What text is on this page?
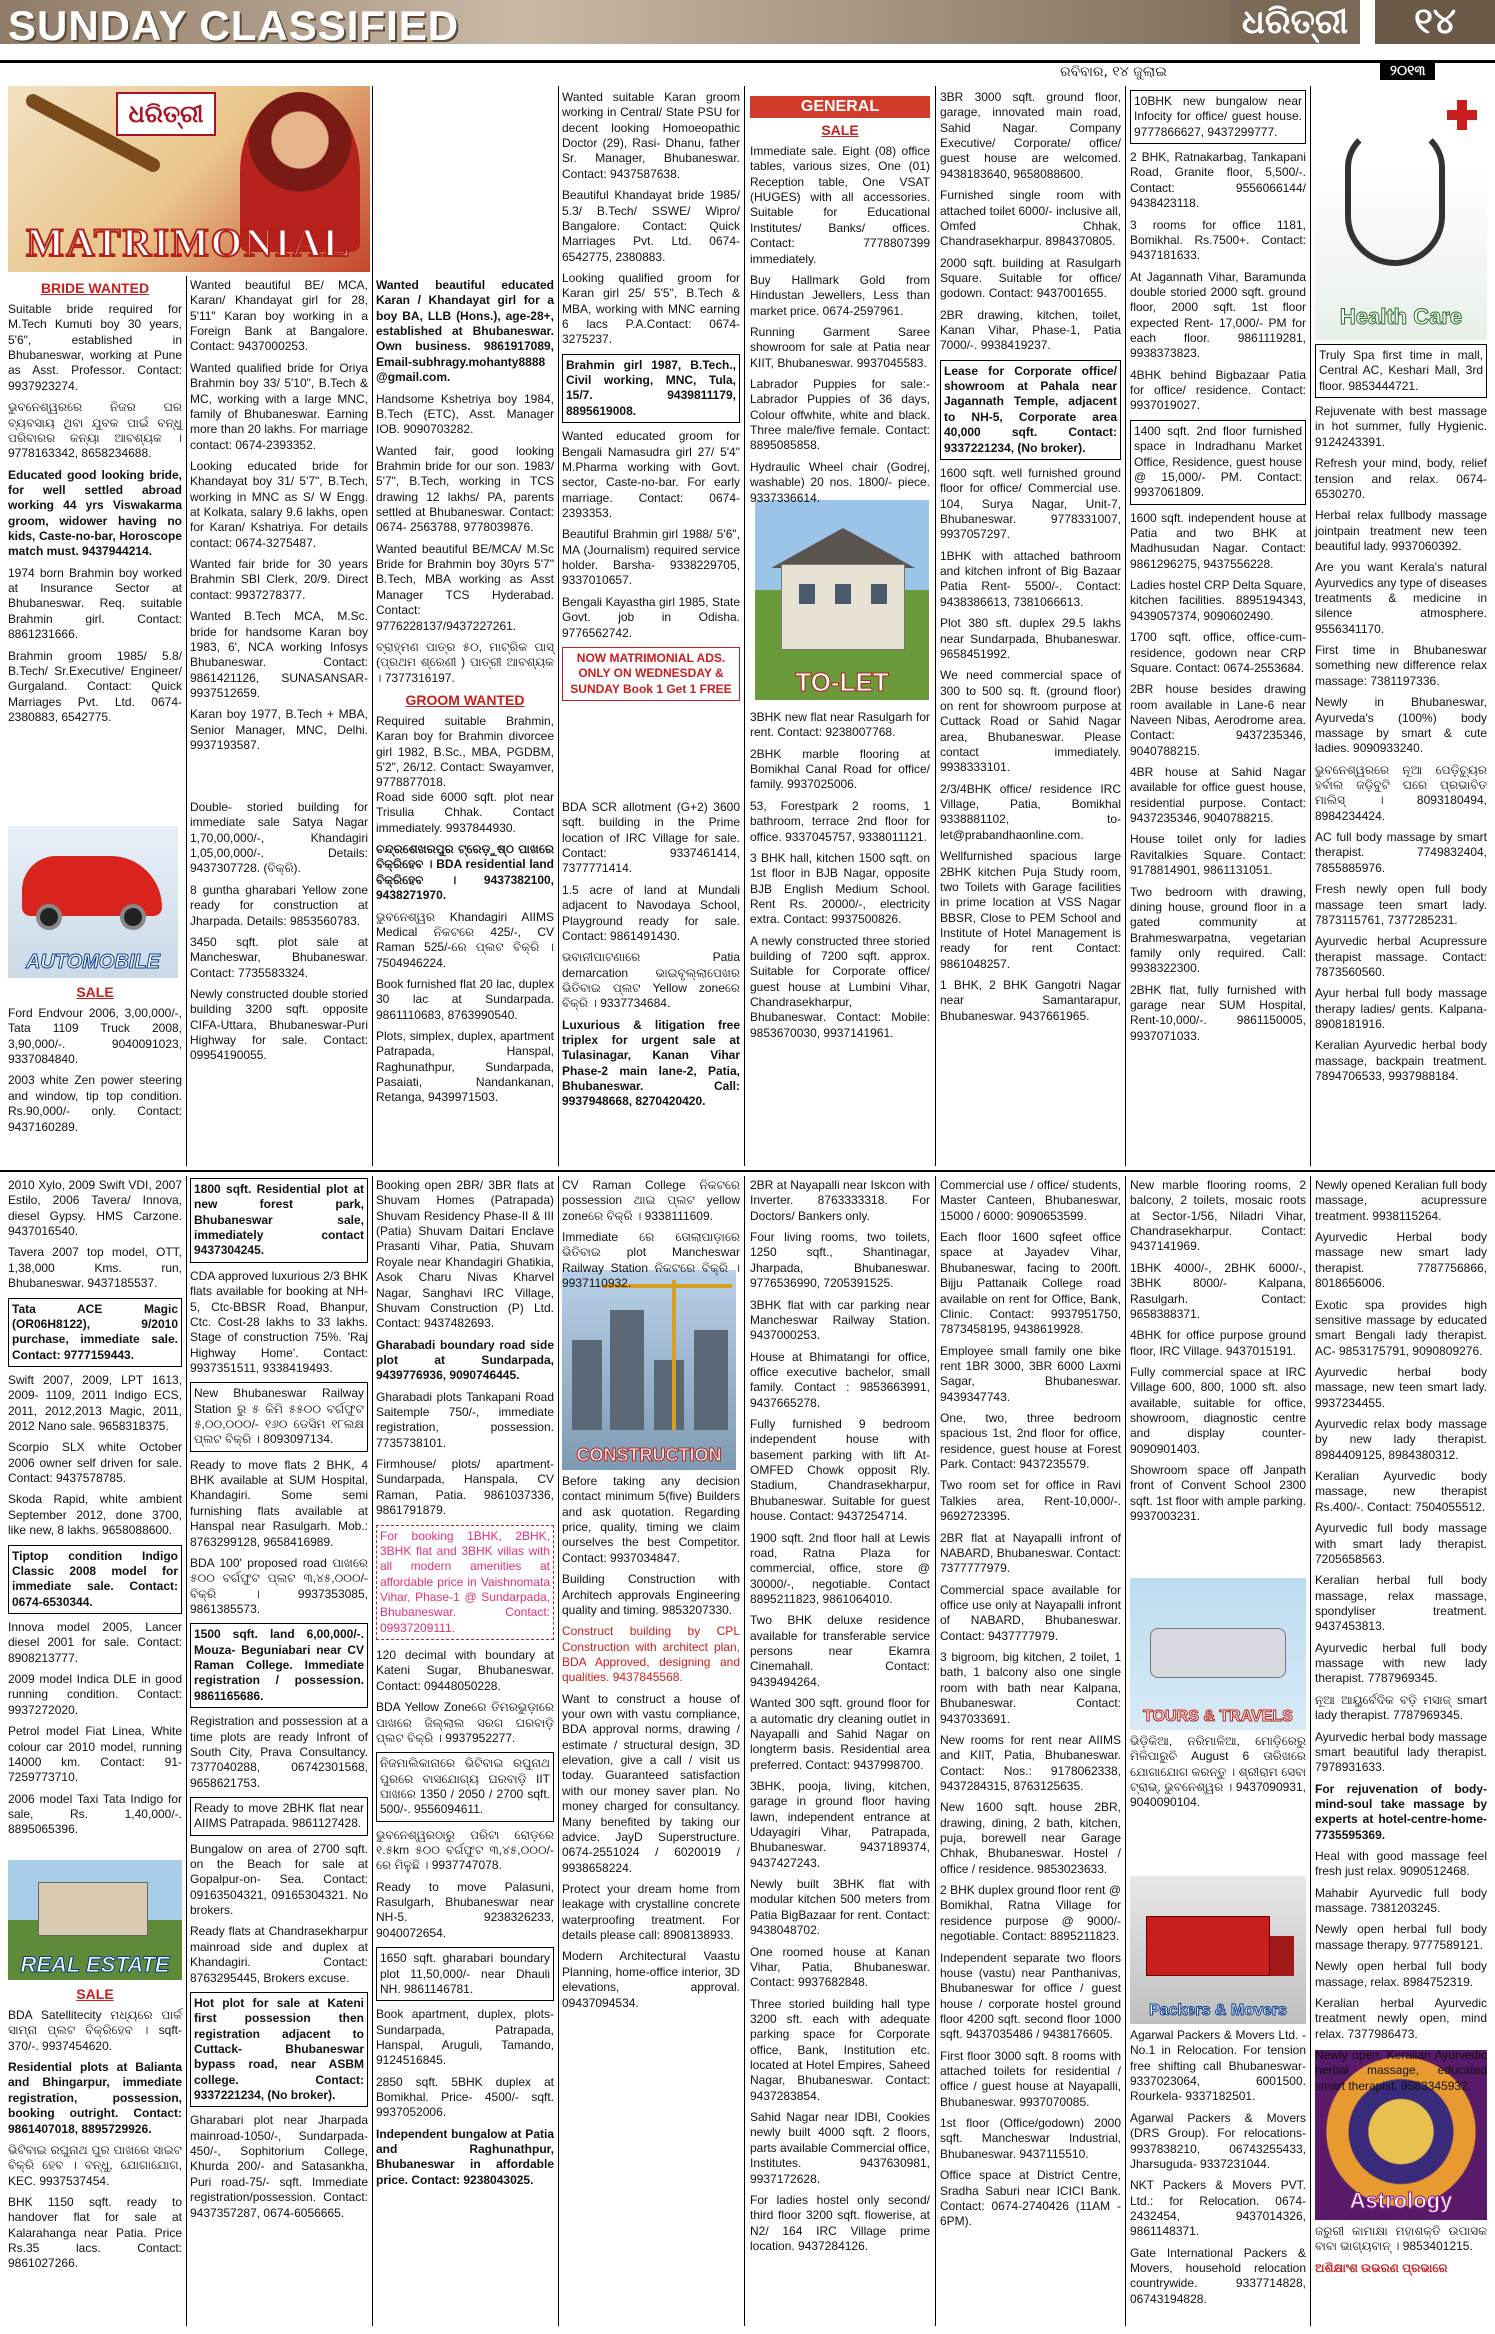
SUNDAY CLASSIFIED	ଧରିତ୍ରୀ	୧୪
ରବିବାର, ୧୪ ଜୁଲାଇ	୨୦୧୩
ଧରିତ୍ରୀ
MATRIMONIAL
AUTOMOBILE
TO-LET
REAL ESTATE
CONSTRUCTION
Health Care
TOURS & TRAVELS
Packers & Movers
Astrology
BRIDE WANTED

Suitable bride required for M.Tech Kumuti boy 30 years, 5'6", established in Bhubaneswar, working at Pune as Asst. Professor. Contact: 9937923274.

ଭୁବନେଶ୍ୱରରେ ନିଜର ଘର ବ୍ୟବସାୟ ଥିବା ଯୁବକ ପାଇଁ ବନ୍ଧୁ ପରିବାରର କନ୍ୟା ଆବଶ୍ୟକ । 9778163342, 8658234688.

Educated good looking bride, for well settled abroad working 44 yrs Viswakarma groom, widower having no kids, Caste-no-bar, Horoscope match must. 9437944214.

1974 born Brahmin boy worked at Insurance Sector at Bhubaneswar. Req. suitable Brahmin girl. Contact: 8861231666.

Brahmin groom 1985/ 5.8/ B.Tech/ Sr.Executive/ Engineer/ Gurgaland. Contact: Quick Marriages Pvt. Ltd. 0674-2380883, 6542775.

SALE

Ford Endvour 2006, 3,00,000/-, Tata 1109 Truck 2008, 3,90,000/-. 9040091023, 9337084840.

2003 white Zen power steering and window, tip top condition. Rs.90,000/- only. Contact: 9437160289.

Wanted beautiful BE/ MCA, Karan/ Khandayat girl for 28, 5'11" Karan boy working in a Foreign Bank at Bangalore. Contact: 9437000253.

Wanted qualified bride for Oriya Brahmin boy 33/ 5'10", B.Tech & MC, working with a large MNC, family of Bhubaneswar. Earning more than 20 lakhs. For marriage contact: 0674-2393352.

Looking educated bride for Khandayat boy 31/ 5'7", B.Tech, working in MNC as S/ W Engg. at Kolkata, salary 9.6 lakhs, open for Karan/ Kshatriya. For details contact: 0674-3275487.

Wanted fair bride for 30 years Brahmin SBI Clerk, 20/9. Direct contact: 9937278377.

Wanted B.Tech MCA, M.Sc. bride for handsome Karan boy 1983, 6', NCA working Infosys Bhubaneswar. Contact: 9861421126, SUNASANSAR-9937512659.

Karan boy 1977, B.Tech + MBA, Senior Manager, MNC, Delhi. 9937193587.

Double- storied building for immediate sale Satya Nagar 1,70,00,000/-, Khandagiri 1,05,00,000/-. Details: 9437307728. (ବିକ୍ରି).

8 guntha gharabari Yellow zone ready for construction at Jharpada. Details: 9853560783.

3450 sqft. plot sale at Mancheswar, Bhubaneswar. Contact: 7735583324.

Newly constructed double storied building 3200 sqft. opposite CIFA-Uttara, Bhubaneswar-Puri Highway for sale. Contact: 09954190055.

Wanted beautiful educated Karan / Khandayat girl for a boy BA, LLB (Hons.), age-28+, established at Bhubaneswar. Own business. 9861917089, Email-subhragy.mohanty8888 @gmail.com.

Handsome Kshetriya boy 1984, B.Tech (ETC), Asst. Manager IOB. 9090703282.

Wanted fair, good looking Brahmin bride for our son. 1983/ 5'7", B.Tech, working in TCS drawing 12 lakhs/ PA, parents settled at Bhubaneswar. Contact: 0674- 2563788, 9778039876.

Wanted beautiful BE/MCA/ M.Sc Bride for Brahmin boy 30yrs 5'7" B.Tech, MBA working as Asst Manager TCS Hyderabad. Contact: 9776228137/9437227261.

ବ୍ରାହ୍ମଣ ପାତ୍ର ୫୦, ମାଟ୍ରିକ ପାସ୍ (ପ୍ରଥମ ଶ୍ରେଣୀ ) ପାତ୍ରୀ ଆବଶ୍ୟକ । 7377316197.

GROOM WANTED

Required suitable Brahmin, Karan boy for Brahmin divorcee girl 1982, B.Sc., MBA, PGDBM, 5'2", 26/12. Contact: Swayamver, 9778877018.

Road side 6000 sqft. plot near Trisulia Chhak. Contact immediately. 9937844930.

ଚନ୍ଦ୍ରଶେଖରପୁର ଟ୍ରେଡ଼ୁଷ୍ଠ ପାଖରେ ବିକ୍ରିହେବ । BDA residential land ବିକ୍ରିହେବ । 9437382100, 9438271970.

ଭୁବନେଶ୍ୱର Khandagiri AIIMS Medical ନିକଟରେ 425/-, CV Raman 525/-ରେ ପ୍ଲଟ ବିକ୍ରି । 7504946224.

Book furnished flat 20 lac, duplex 30 lac at Sundarpada. 9861110683, 8763990540.

Plots, simplex, duplex, apartment Patrapada, Hanspal, Raghunathpur, Sundarpada, Pasaiati, Nandankanan, Retanga, 9439971503.

Wanted suitable Karan groom working in Central/ State PSU for decent looking Homoeopathic Doctor (29), Rasi- Dhanu, father Sr. Manager, Bhubaneswar. Contact: 9437587638.

Beautiful Khandayat bride 1985/ 5.3/ B.Tech/ SSWE/ Wipro/ Bangalore. Contact: Quick Marriages Pvt. Ltd. 0674- 6542775, 2380883.

Looking qualified groom for Karan girl 25/ 5'5", B.Tech & MBA, working with MNC earning 6 lacs P.A.Contact: 0674- 3275237.

Brahmin girl 1987, B.Tech., Civil working, MNC, Tula, 15/7. 9439811179, 8895619008.

Wanted educated groom for Bengali Namasudra girl 27/ 5'4" M.Pharma working with Govt. sector, Caste-no-bar. For early marriage. Contact: 0674- 2393353.

Beautiful Brahmin girl 1988/ 5'6", MA (Journalism) required service holder. Barsha- 9338229705, 9337010657.

Bengali Kayastha girl 1985, State Govt. job in Odisha. 9776562742.

NOW MATRIMONIAL ADS. ONLY ON WEDNESDAY & SUNDAY Book 1 Get 1 FREE

BDA SCR allotment (G+2) 3600 sqft. building in the Prime location of IRC Village for sale. Contact: 9337461414, 7377771414.

1.5 acre of land at Mundali adjacent to Navodaya School, Playground ready for sale. Contact: 9861491430.

ଭବାନୀପାଟଣାରେ Patia demarcation ଭାଇବୃଲ୍ଲାପେଖର ଭିତିବାଇ ପ୍ଲଟ Yellow zoneରେ ବିକ୍ରି । 9337734684.

Luxurious & litigation free triplex for urgent sale at Tulasinagar, Kanan Vihar Phase-2 main lane-2, Patia, Bhubaneswar. Call: 9937948668, 8270420420.

GENERAL
SALE

Immediate sale. Eight (08) office tables, various sizes, One (01) Reception table, One VSAT (HUGES) with all accessories. Suitable for Educational Institutes/ Banks/ offices. Contact: 7778807399 immediately.

Buy Hallmark Gold from Hindustan Jewellers, Less than market price. 0674-2597961.

Running Garment Saree showroom for sale at Patia near KIIT, Bhubaneswar. 9937045583.

Labrador Puppies for sale:- Labrador Puppies of 36 days, Colour offwhite, white and black. Three male/five female. Contact: 8895085858.

Hydraulic Wheel chair (Godrej, washable) 20 nos. 1800/- piece. 9337336614.

3BHK new flat near Rasulgarh for rent. Contact: 9238007768.

2BHK marble flooring at Bomikhal Canal Road for office/ family. 9937025006.

53, Forestpark 2 rooms, 1 bathroom, terrace 2nd floor for office. 9337045757, 9338011121.

3 BHK hall, kitchen 1500 sqft. on 1st floor in BJB Nagar, opposite BJB English Medium School. Rent Rs. 20000/-, electricity extra. Contact: 9937500826.

A newly constructed three storied building of 7200 sqft. approx. Suitable for Corporate office/ guest house at Lumbini Vihar, Chandrasekharpur, Bhubaneswar. Contact: Mobile: 9853670030, 9937141961.

3BR 3000 sqft. ground floor, garage, innovated main road, Sahid Nagar. Company Executive/ Corporate/ office/ guest house are welcomed. 9438183640, 9658088600.

Furnished single room with attached toilet 6000/- inclusive all, Omfed Chhak, Chandrasekharpur. 8984370805.

2000 sqft. building at Rasulgarh Square. Suitable for office/ godown. Contact: 9437001655.

2BR drawing, kitchen, toilet, Kanan Vihar, Phase-1, Patia 7000/-. 9938419237.

Lease for Corporate office/ showroom at Pahala near Jagannath Temple, adjacent to NH-5, Corporate area 40,000 sqft. Contact: 9337221234, (No broker).

1600 sqft. well furnished ground floor for office/ Commercial use. 104, Surya Nagar, Unit-7, Bhubaneswar. 9778331007, 9937057297.

1BHK with attached bathroom and kitchen infront of Big Bazaar Patia Rent- 5500/-. Contact: 9438386613, 7381066613.

Plot 380 sft. duplex 29.5 lakhs near Sundarpada, Bhubaneswar. 9658451992.

We need commercial space of 300 to 500 sq. ft. (ground floor) on rent for showroom purpose at Cuttack Road or Sahid Nagar area, Bhubaneswar. Please contact immediately. 9938333101.

2/3/4BHK office/ residence IRC Village, Patia, Bomikhal 9338881102, to-let@prabandhaonline.com.

Wellfurnished spacious large 2BHK kitchen Puja Study room, two Toilets with Garage facilities in prime location at VSS Nagar BBSR, Close to PEM School and Institute of Hotel Management is ready for rent Contact: 9861048257.

1 BHK, 2 BHK Gangotri Nagar near Samantarapur, Bhubaneswar. 9437661965.

10BHK new bungalow near Infocity for office/ guest house. 9777866627, 9437299777.

2 BHK, Ratnakarbag, Tankapani Road, Granite floor, 5,500/-. Contact: 9556066144/ 9438423118.

3 rooms for office 1181, Bomikhal. Rs.7500+. Contact: 9437181633.

At Jagannath Vihar, Baramunda double storied 2000 sqft. ground floor, 2000 sqft. 1st floor expected Rent- 17,000/- PM for each floor. 9861119281, 9938373823.

4BHK behind Bigbazaar Patia for office/ residence. Contact: 9937019027.

1400 sqft. 2nd floor furnished space in Indradhanu Market Office, Residence, guest house @ 15,000/- PM. Contact: 9937061809.

1600 sqft. independent house at Patia and two BHK at Madhusudan Nagar. Contact: 9861296275, 9437556228.

Ladies hostel CRP Delta Square, kitchen facilities. 8895194343, 9439057374, 9090602490.

1700 sqft. office, office-cum-residence, godown near CRP Square. Contact: 0674-2553684.

2BR house besides drawing room available in Lane-6 near Naveen Nibas, Aerodrome area. Contact: 9437235346, 9040788215.

4BR house at Sahid Nagar available for office guest house, residential purpose. Contact: 9437235346, 9040788215.

House toilet only for ladies Ravitalkies Square. Contact: 9178814901, 9861131051.

Two bedroom with drawing, dining house, ground floor in a gated community at Brahmeswarpatna, vegetarian family only required. Call: 9938322300.

2BHK flat, fully furnished with garage near SUM Hospital, Rent-10,000/-. 9861150005, 9937071033.

Truly Spa first time in mall, Central AC, Keshari Mall, 3rd floor. 9853444721.

Rejuvenate with best massage in hot summer, fully Hygienic. 9124243391.

Refresh your mind, body, relief tension and relax. 0674-6530270.

Herbal relax fullbody massage jointpain treatment new teen beautiful lady. 9937060392.

Are you want Kerala's natural Ayurvedics any type of diseases treatments & medicine in silence atmosphere. 9556341170.

First time in Bhubaneswar something new difference relax massage: 7381197336.

Newly in Bhubaneswar, Ayurveda's (100%) body massage by smart & cute ladies. 9090933240.

ଭୁବନେଶ୍ୱରରେ ନୂଆ ପେଡ଼ିଚ୍ୟୁର ହର୍ବାଲ ଜଡ଼ିବୁଟି ଘରେ ପ୍ରଭାବିତ ମାଲିସ୍ । 8093180494, 8984234424.

AC full body massage by smart therapist. 7749832404, 7855885976.

Fresh newly open full body massage teen smart lady. 7873115761, 7377285231.

Ayurvedic herbal Acupressure therapist massage. Contact: 7873560560.

Ayur herbal full body massage therapy ladies/ gents. Kalpana-8908181916.

Keralian Ayurvedic herbal body massage, backpain treatment. 7894706533, 9937988184.

2010 Xylo, 2009 Swift VDI, 2007 Estilo, 2006 Tavera/ Innova, diesel Gypsy. HMS Carzone. 9437016540.

Tavera 2007 top model, OTT, 1,38,000 Kms. run, Bhubaneswar. 9437185537.

Tata ACE Magic (OR06H8122), 9/2010 purchase, immediate sale. Contact: 9777159443.

Swift 2007, 2009, LPT 1613, 2009- 1109, 2011 Indigo ECS, 2011, 2012,2013 Magic, 2011, 2012 Nano sale. 9658318375.

Scorpio SLX white October 2006 owner self driven for sale. Contact: 9437578785.

Skoda Rapid, white ambient September 2012, done 3700, like new, 8 lakhs. 9658088600.

Tiptop condition Indigo Classic 2008 model for immediate sale. Contact: 0674-6530344.

Innova model 2005, Lancer diesel 2001 for sale. Contact: 8908213777.

2009 model Indica DLE in good running condition. Contact: 9937272020.

Petrol model Fiat Linea, White colour car 2010 model, running 14000 km. Contact: 91-7259773710.

2006 model Taxi Tata Indigo for sale, Rs. 1,40,000/-. 8895065396.

SALE

BDA Satellitecity ମଧ୍ୟରେ ପାର୍କ ସାମ୍ନା ପ୍ଲଟ ବିକ୍ରିହେବ । sqft-370/-. 9937454620.

Residential plots at Balianta and Bhingarpur, immediate registration, possession, booking outright. Contact: 9861407018, 8895729926.

ଭିଟିବାଇ ରଘୁନାଥ ପୁର ପାଖରେ ସାଇଟ ବିକ୍ରି ହେବ । ବନ୍ଧୁ, ଯୋଗାଯୋଗ, KEC. 9937537454.

BHK 1150 sqft. ready to handover flat for sale at Kalarahanga near Patia. Price Rs.35 lacs. Contact: 9861027266.

1800 sqft. Residential plot at new forest park, Bhubaneswar sale, immediately contact 9437304245.

CDA approved luxurious 2/3 BHK flats available for booking at NH-5, Ctc-BBSR Road, Bhanpur, Ctc. Cost-28 lakhs to 33 lakhs. Stage of construction 75%. 'Raj Highway Home'. Contact: 9937351511, 9338419493.

New Bhubaneswar Railway Station ରୁ ୫ କିମି ୫୫୦୦ ବର୍ଗଫୁଟ ୫,୦୦,୦୦୦/- ୧୬୦ ଡେସିମ ୧୮ଲକ୍ଷ ପ୍ଲଟ ବିକ୍ରି । 8093097134.

Ready to move flats 2 BHK, 4 BHK available at SUM Hospital, Khandagiri. Some semi furnishing flats available at Hanspal near Rasulgarh. Mob.: 8763299128, 9658416989.

BDA 100' proposed road ପାଖରେ ୫୦୦ ବର୍ଗଫୁଟ ପ୍ଲଟ ୩,୪୫,୦୦୦/- ବିକ୍ରି । 9937353085, 9861385573.

1500 sqft. land 6,00,000/-. Mouza- Beguniabari near CV Raman College. Immediate registration / possession. 9861165686.

Registration and possession at a time plots are ready Infront of South City, Prava Consultancy. 7377040288, 06742301568, 9658621753.

Ready to move 2BHK flat near AIIMS Patrapada. 9861127428.

Bungalow on area of 2700 sqft. on the Beach for sale at Gopalpur-on- Sea. Contact: 09163504321, 09165304321. No brokers.

Ready flats at Chandrasekharpur mainroad side and duplex at Khandagiri. Contact: 8763295445, Brokers excuse.

Hot plot for sale at Kateni first possession then registration adjacent to Cuttack- Bhubaneswar bypass road, near ASBM college. Contact: 9337221234, (No broker).

Gharabari plot near Jharpada mainroad-1050/-, Sundarpada-450/-, Sophitorium College, Khurda 200/- and Satasankha, Puri road-75/- sqft. Immediate registration/possession. Contact: 9437357287, 0674-6056665.

Booking open 2BR/ 3BR flats at Shuvam Homes (Patrapada) Shuvam Residency Phase-II & III (Patia) Shuvam Daitari Enclave Prasanti Vihar, Patia, Shuvam Royale near Khandagiri Ghatikia, Asok Charu Nivas Kharvel Nagar, Sanghavi IRC Village, Shuvam Construction (P) Ltd. Contact: 9437482693.

Gharabadi boundary road side plot at Sundarpada, 9439776936, 9090746445.

Gharabadi plots Tankapani Road Saitemple 750/-, immediate registration, possession. 7735738101.

Firmhouse/ plots/ apartment- Sundarpada, Hanspala, CV Raman, Patia. 9861037336, 9861791879.

For booking 1BHK, 2BHK, 3BHK flat and 3BHK villas with all modern amenities at affordable price in Vaishnomata Vihar, Phase-1 @ Sundarpada, Bhubaneswar. Contact: 09937209111.

120 decimal with boundary at Kateni Sugar, Bhubaneswar. Contact: 09448050228.

BDA Yellow Zoneରେ ତିମରଭୁଡ଼ାରେ ପାଖରେ ଜିଲ୍ଲାଲ ସରଗ ଘରବାଡ଼ି ପ୍ଲଟ ବିକ୍ରି । 9937952277.

ନିଜମାଲିକାନାରେ ଭିଟିବାଇ ରଘୁନାଥ ପୁରରେ ବାସଯୋଗ୍ୟ ଘରବାଡ଼ି IIT ପାଖରେ 1350 / 2050 / 2700 sqft. 500/-. 9556094611.

ଭୁବନେଶ୍ୱରଠାରୁ ପରିଟା ରୋଡ଼ରେ ୧.୫km ୫୦୦ ବର୍ଗଫୁଟ ୩,୪୫,୦୦୦/- ରେ ମିଳୁଛି । 9937747078.

Ready to move Palasuni, Rasulgarh, Bhubaneswar near NH-5. 9238326233, 9040072654.

1650 sqft. gharabari boundary plot 11,50,000/- near Dhauli NH. 9861146781.

Book apartment, duplex, plots-Sundarpada, Patrapada, Hanspal, Aruguli, Tamando, 9124516845.

2850 sqft. 5BHK duplex at Bomikhal. Price- 4500/- sqft. 9937052006.

Independent bungalow at Patia and Raghunathpur, Bhubaneswar in affordable price. Contact: 9238043025.

CV Raman College ନିକଟରେ possession ଥାଇ ପ୍ଲଟ yellow zoneରେ ବିକ୍ରି । 9338111609.

Immediate ରେ ତୋଲାପାଡ଼ାରେ ଭିତିବାଇ plot Mancheswar Railway Station ନିକଟରେ ବିକ୍ରି । 9937110932.

Before taking any decision contact minimum 5(five) Builders and ask quotation. Regarding price, quality, timing we claim ourselves the best Competitor. Contact: 9937034847.

Building Construction with Architech approvals Engineering quality and timing. 9853207330.

Construct building by CPL Construction with architect plan, BDA Approved, designing and qualities. 9437845568.

Want to construct a house of your own with vastu compliance, BDA approval norms, drawing / estimate / structural design, 3D elevation, give a call / visit us today. Guaranteed satisfaction with our money saver plan. No money charged for consultancy. Many benefited by taking our advice. JayD Superstructure. 0674-2551024 / 6020019 / 9938658224.

Protect your dream home from leakage with crystalline concrete waterproofing treatment. For details please call: 8908138933.

Modern Architectural Vaastu Planning, home-office interior, 3D elevations, approval. 09437094534.

2BR at Nayapalli near Iskcon with Inverter. 8763333318. For Doctors/ Bankers only.

Four living rooms, two toilets, 1250 sqft., Shantinagar, Jharpada, Bhubaneswar. 9776536990, 7205391525.

3BHK flat with car parking near Mancheswar Railway Station. 9437000253.

House at Bhimatangi for office, office executive bachelor, small family. Contact : 9853663991, 9437665278.

Fully furnished 9 bedroom independent house with basement parking with lift At-OMFED Chowk opposit Rly. Stadium, Chandrasekharpur, Bhubaneswar. Suitable for guest house. Contact: 9437254714.

1900 sqft. 2nd floor hall at Lewis road, Ratna Plaza for commercial, office, store @ 30000/-, negotiable. Contact 8895211823, 9861064010.

Two BHK deluxe residence available for transferable service persons near Ekamra Cinemahall. Contact: 9439494264.

Wanted 300 sqft. ground floor for a automatic dry cleaning outlet in Nayapalli and Sahid Nagar on longterm basis. Residential area preferred. Contact: 9437998700.

3BHK, pooja, living, kitchen, garage in ground floor having lawn, independent entrance at Udayagiri Vihar, Patrapada, Bhubaneswar. 9437189374, 9437427243.

Newly built 3BHK flat with modular kitchen 500 meters from Patia BigBazaar for rent. Contact: 9438048702.

One roomed house at Kanan Vihar, Patia, Bhubaneswar. Contact: 9937682848.

Three storied building hall type 3200 sft. each with adequate parking space for Corporate office, Bank, Institution etc. located at Hotel Empires, Saheed Nagar, Bhubaneswar. Contact: 9437283854.

Sahid Nagar near IDBI, Cookies newly built 4000 sqft. 2 floors, parts available Commercial office, Institutes. 9437630981, 9937172628.

For ladies hostel only second/ third floor 3200 sqft. flowerise, at N2/ 164 IRC Village prime location. 9437284126.

Commercial use / office/ students, Master Canteen, Bhubaneswar, 15000 / 6000: 9090653599.

Each floor 1600 sqfeet office space at Jayadev Vihar, Bhubaneswar, facing to 200ft. Bijju Pattanaik College road available on rent for Office, Bank, Clinic. Contact: 9937951750, 7873458195, 9438619928.

Employee small family one bike rent 1BR 3000, 3BR 6000 Laxmi Sagar, Bhubaneswar. 9439347743.

One, two, three bedroom spacious 1st, 2nd floor for office, residence, guest house at Forest Park. Contact: 9437235579.

Two room set for office in Ravi Talkies area, Rent-10,000/-. 9692723395.

2BR flat at Nayapalli infront of NABARD, Bhubaneswar. Contact: 7377777979.

Commercial space available for office use only at Nayapalli infront of NABARD, Bhubaneswar. Contact: 9437777979.

3 bigroom, big kitchen, 2 toilet, 1 bath, 1 balcony also one single room with bath near Kalpana, Bhubaneswar. Contact: 9437033691.

New rooms for rent near AIIMS and KIIT, Patia, Bhubaneswar. Contact: Nos.: 9178062338, 9437284315, 8763125635.

New 1600 sqft. house 2BR, drawing, dining, 2 bath, kitchen, puja, borewell near Garage Chhak, Bhubaneswar. Hostel / office / residence. 9853023633.

2 BHK duplex ground floor rent @ Bomikhal, Ratna Village for residence purpose @ 9000/- negotiable. Contact: 8895211823.

Independent separate two floors house (vastu) near Panthanivas, Bhubaneswar for office / guest house / corporate hostel ground floor 4200 sqft. second floor 1000 sqft. 9437035486 / 9438176605.

First floor 3000 sqft. 8 rooms with attached toilets for residential / office / guest house at Nayapalli, Bhubaneswar. 9937070085.

1st floor (Office/godown) 2000 sqft. Mancheswar Industrial, Bhubaneswar. 9437115510.

Office space at District Centre, Sradha Saburi near ICICI Bank. Contact: 0674-2740426 (11AM - 6PM).

New marble flooring rooms, 2 balcony, 2 toilets, mosaic roots at Sector-1/56, Niladri Vihar, Chandrasekharpur. Contact: 9437141969.

1BHK 4000/-, 2BHK 6000/-, 3BHK 8000/- Kalpana, Rasulgarh. Contact: 9658388371.

4BHK for office purpose ground floor, IRC Village. 9437015191.

Fully commercial space at IRC Village 600, 800, 1000 sft. also available, suitable for office, showroom, diagnostic centre and display counter-9090901403.

Showroom space off Janpath front of Convent School 2300 sqft. 1st floor with ample parking. 9937003231.

ଭିଡ଼ିକିଆ, ନରିମାଳିଆ, ମୋଡ଼ିରେରୁ ମିଳିପାରୁଚି August 6 ତାରିଖରେ ଯୋଗାଯୋଗ କରନ୍ତୁ । ଶ୍ରୀରାମ ସେବା ଟ୍ରାଭ୍, ଭୁବନେଶ୍ୱର । 9437090931, 9040090104.

Agarwal Packers & Movers Ltd. - No.1 in Relocation. For tension free shifting call Bhubaneswar- 9337023064, 6001500. Rourkela- 9337182501.

Agarwal Packers & Movers (DRS Group). For relocations- 9937838210, 06743255433, Jharsuguda- 9337231044.

NKT Packers & Movers PVT. Ltd.: for Relocation. 0674-2432454, 9437014326, 9861148371.

Gate International Packers & Movers, household relocation countrywide. 9337714828, 06743194828.

Newly opened Keralian full body massage, acupressure treatment. 9938115264.

Ayurvedic Herbal body massage new smart lady therapist. 7787756866, 8018656006.

Exotic spa provides high sensitive massage by educated smart Bengali lady therapist. AC- 9853175791, 9090809276.

Ayurvedic herbal body massage, new teen smart lady. 9937234455.

Ayurvedic relax body massage by new lady therapist. 8984409125, 8984380312.

Keralian Ayurvedic body massage, new therapist Rs.400/-. Contact: 7504055512.

Ayurvedic full body massage with smart lady therapist. 7205658563.

Keralian herbal full body massage, relax massage, spondyliser treatment. 9437453813.

Ayurvedic herbal full body massage with new lady therapist. 7787969345.

ନୂଆ ଆୟୁର୍ବେଦିକ ବଡ଼ି ମସାଜ୍ smart lady therapist. 7787969345.

Ayurvedic herbal body massage smart beautiful lady therapist. 7978931633.

For rejuvenation of body-mind-soul take massage by experts at hotel-centre-home-7735595369.

Heal with good massage feel fresh just relax. 9090512468.

Mahabir Ayurvedic full body massage. 7381203245.

Newly open herbal full body massage therapy. 9777589121.

Newly open herbal full body massage, relax. 8984752319.

Keralian herbal Ayurvedic treatment newly open, mind relax. 7377986473.

Newly open, Keralian Ayurvedic herbal massage, educated smart therapist. 9583345932.

ଜରୁରୀ କାମାକ୍ଷା ମହାଶକ୍ତି ଉପାସକ ବାବା ଭାଗ୍ୟବାନ୍ । 9853401215.

ଅଶିକ୍ଷାଂଶ ଉଭରଣ ପ୍ରଭାରେ
